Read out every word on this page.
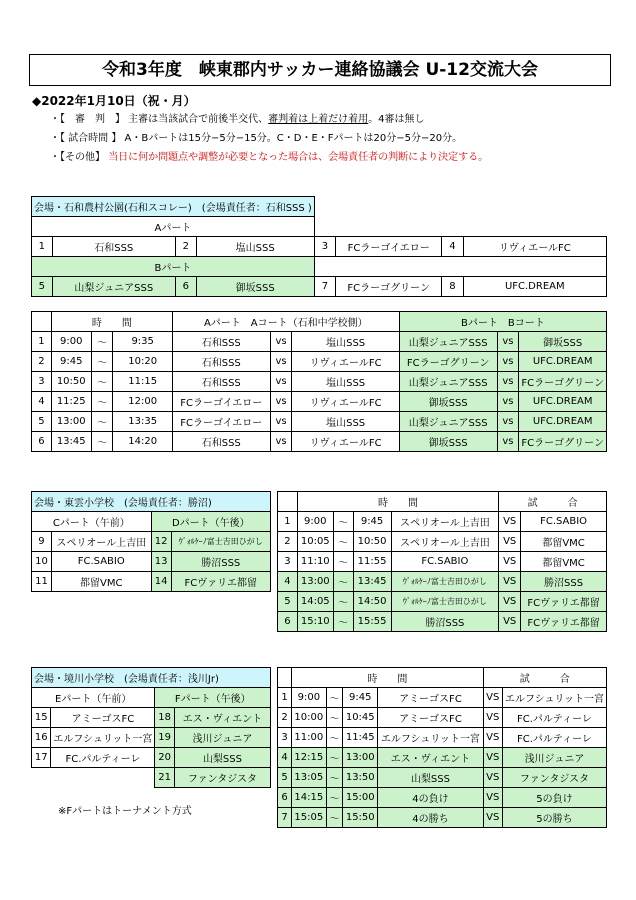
令和3年度　峡東郡内サッカー連絡協議会 U-12交流大会
◆2022年1月10日（祝・月）
・【　審　判　】 主審は当該試合で前後半交代、審判着は上着だけ着用。4審は無し
・【 試合時間 】 A・Bパートは15分−5分−15分。C・D・E・Fパートは20分−5分−20分。
・【その他】 当日に何か問題点や調整が必要となった場合は、会場責任者の判断により決定する。
会場・石和農村公園(石和スコレー)　(会場責任者：石和SSS )							
Aパート							
1	石和SSS	2	塩山SSS	3	FCラーゴイエロー	4	リヴィエールFC
Bパート							
5	山梨ジュニアSSS	6	御坂SSS	7	FCラーゴグリーン	8	UFC.DREAM
	時　　間			Aパート　Aコート（石和中学校側）			Bパート　Bコート		
1	9:00	〜	9:35	石和SSS	vs	塩山SSS	山梨ジュニアSSS	vs	御坂SSS
2	9:45	〜	10:20	石和SSS	vs	リヴィエールFC	FCラーゴグリーン	vs	UFC.DREAM
3	10:50	〜	11:15	石和SSS	vs	塩山SSS	山梨ジュニアSSS	vs	FCラーゴグリーン
4	11:25	〜	12:00	FCラーゴイエロー	vs	リヴィエールFC	御坂SSS	vs	UFC.DREAM
5	13:00	〜	13:35	FCラーゴイエロー	vs	塩山SSS	山梨ジュニアSSS	vs	UFC.DREAM
6	13:45	〜	14:20	石和SSS	vs	リヴィエールFC	御坂SSS	vs	FCラーゴグリーン
会場・東雲小学校　(会場責任者：勝沼)			
Cパート（午前）		Dパート（午後）	
9	スペリオール上吉田	12	ｳﾞｫﾙｹｰﾉ富士吉田ひがし
10	FC.SABIO	13	勝沼SSS
11	都留VMC	14	FCヴァリエ都留
	時　　間				試　　　合	
1	9:00	〜	9:45	スペリオール上吉田	VS	FC.SABIO
2	10:05	〜	10:50	スペリオール上吉田	VS	都留VMC
3	11:10	〜	11:55	FC.SABIO	VS	都留VMC
4	13:00	〜	13:45	ｳﾞｫﾙｹｰﾉ富士吉田ひがし	VS	勝沼SSS
5	14:05	〜	14:50	ｳﾞｫﾙｹｰﾉ富士吉田ひがし	VS	FCヴァリエ都留
6	15:10	〜	15:55	勝沼SSS	VS	FCヴァリエ都留
会場・境川小学校　(会場責任者：浅川Jr)			
Eパート（午前）		Fパート（午後）	
15	アミーゴスFC	18	エス・ヴィエント
16	エルフシュリット一宮	19	浅川ジュニア
17	FC.パルティーレ	20	山梨SSS
		21	ファンタジスタ
※Fパートはトーナメント方式
	時　　間				試　　　合	
1	9:00	〜	9:45	アミーゴスFC	VS	エルフシュリット一宮
2	10:00	〜	10:45	アミーゴスFC	VS	FC.パルティーレ
3	11:00	〜	11:45	エルフシュリット一宮	VS	FC.パルティーレ
4	12:15	〜	13:00	エス・ヴィエント	VS	浅川ジュニア
5	13:05	〜	13:50	山梨SSS	VS	ファンタジスタ
6	14:15	〜	15:00	4の負け	VS	5の負け
7	15:05	〜	15:50	4の勝ち	VS	5の勝ち
